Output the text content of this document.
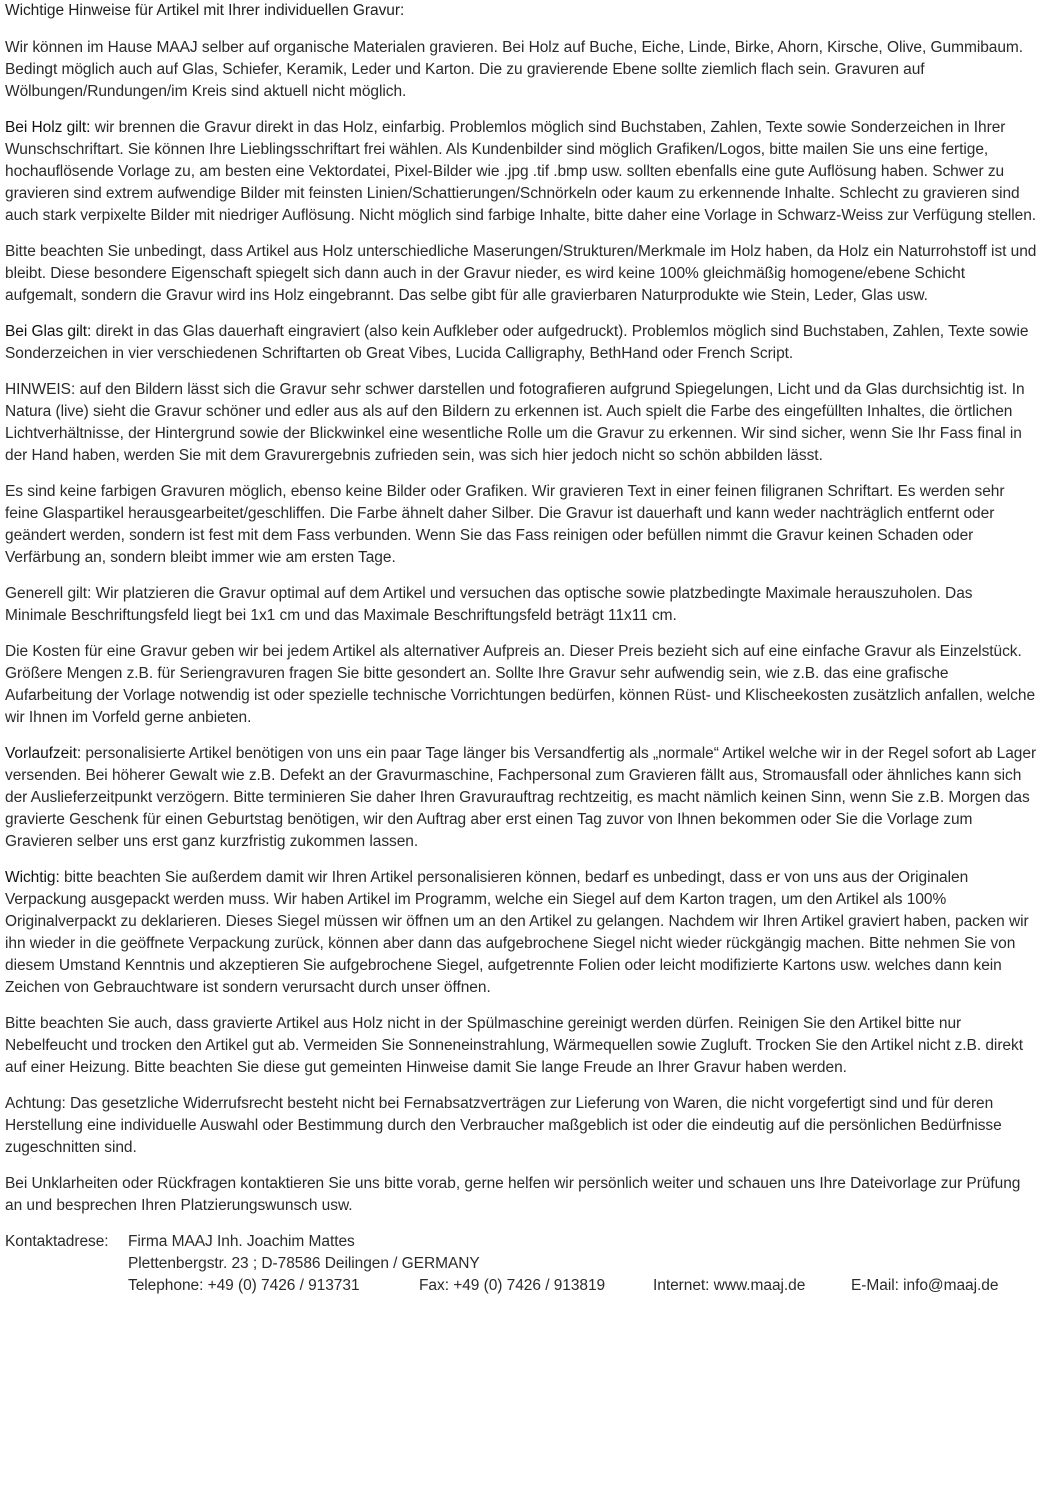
Wichtige Hinweise für Artikel mit Ihrer individuellen Gravur:

Wir können im Hause MAAJ selber auf organische Materialen gravieren. Bei Holz auf Buche, Eiche, Linde, Birke, Ahorn, Kirsche, Olive, Gummibaum. Bedingt möglich auch auf Glas, Schiefer, Keramik, Leder und Karton. Die zu gravierende Ebene sollte ziemlich flach sein. Gravuren auf Wölbungen/Rundungen/im Kreis sind aktuell nicht möglich.

Bei Holz gilt: wir brennen die Gravur direkt in das Holz, einfarbig. Problemlos möglich sind Buchstaben, Zahlen, Texte sowie Sonderzeichen in Ihrer Wunschschriftart. Sie können Ihre Lieblingsschriftart frei wählen. Als Kundenbilder sind möglich Grafiken/Logos, bitte mailen Sie uns eine fertige, hochauflösende Vorlage zu, am besten eine Vektordatei, Pixel-Bilder wie .jpg .tif .bmp usw. sollten ebenfalls eine gute Auflösung haben. Schwer zu gravieren sind extrem aufwendige Bilder mit feinsten Linien/Schattierungen/Schnörkeln oder kaum zu erkennende Inhalte. Schlecht zu gravieren sind auch stark verpixelte Bilder mit niedriger Auflösung. Nicht möglich sind farbige Inhalte, bitte daher eine Vorlage in Schwarz-Weiss zur Verfügung stellen.

Bitte beachten Sie unbedingt, dass Artikel aus Holz unterschiedliche Maserungen/Strukturen/Merkmale im Holz haben, da Holz ein Naturrohstoff ist und bleibt. Diese besondere Eigenschaft spiegelt sich dann auch in der Gravur nieder, es wird keine 100% gleichmäßig homogene/ebene Schicht aufgemalt, sondern die Gravur wird ins Holz eingebrannt. Das selbe gibt für alle gravierbaren Naturprodukte wie Stein, Leder, Glas usw.

Bei Glas gilt: direkt in das Glas dauerhaft eingraviert (also kein Aufkleber oder aufgedruckt). Problemlos möglich sind Buchstaben, Zahlen, Texte sowie Sonderzeichen in vier verschiedenen Schriftarten ob Great Vibes, Lucida Calligraphy, BethHand oder French Script.

HINWEIS: auf den Bildern lässt sich die Gravur sehr schwer darstellen und fotografieren aufgrund Spiegelungen, Licht und da Glas durchsichtig ist. In Natura (live) sieht die Gravur schöner und edler aus als auf den Bildern zu erkennen ist. Auch spielt die Farbe des eingefüllten Inhaltes, die örtlichen Lichtverhältnisse, der Hintergrund sowie der Blickwinkel eine wesentliche Rolle um die Gravur zu erkennen. Wir sind sicher, wenn Sie Ihr Fass final in der Hand haben, werden Sie mit dem Gravurergebnis zufrieden sein, was sich hier jedoch nicht so schön abbilden lässt.

Es sind keine farbigen Gravuren möglich, ebenso keine Bilder oder Grafiken. Wir gravieren Text in einer feinen filigranen Schriftart. Es werden sehr feine Glaspartikel herausgearbeitet/geschliffen. Die Farbe ähnelt daher Silber. Die Gravur ist dauerhaft und kann weder nachträglich entfernt oder geändert werden, sondern ist fest mit dem Fass verbunden. Wenn Sie das Fass reinigen oder befüllen nimmt die Gravur keinen Schaden oder Verfärbung an, sondern bleibt immer wie am ersten Tage.

Generell gilt: Wir platzieren die Gravur optimal auf dem Artikel und versuchen das optische sowie platzbedingte Maximale herauszuholen. Das Minimale Beschriftungsfeld liegt bei 1x1 cm und das Maximale Beschriftungsfeld beträgt 11x11 cm.

Die Kosten für eine Gravur geben wir bei jedem Artikel als alternativer Aufpreis an. Dieser Preis bezieht sich auf eine einfache Gravur als Einzelstück. Größere Mengen z.B. für Seriengravuren fragen Sie bitte gesondert an. Sollte Ihre Gravur sehr aufwendig sein, wie z.B. das eine grafische Aufarbeitung der Vorlage notwendig ist oder spezielle technische Vorrichtungen bedürfen, können Rüst- und Klischeekosten zusätzlich anfallen, welche wir Ihnen im Vorfeld gerne anbieten.

Vorlaufzeit: personalisierte Artikel benötigen von uns ein paar Tage länger bis Versandfertig als „normale“ Artikel welche wir in der Regel sofort ab Lager versenden. Bei höherer Gewalt wie z.B. Defekt an der Gravurmaschine, Fachpersonal zum Gravieren fällt aus, Stromausfall oder ähnliches kann sich der Auslieferzeitpunkt verzögern. Bitte terminieren Sie daher Ihren Gravurauftrag rechtzeitig, es macht nämlich keinen Sinn, wenn Sie z.B. Morgen das gravierte Geschenk für einen Geburtstag benötigen, wir den Auftrag aber erst einen Tag zuvor von Ihnen bekommen oder Sie die Vorlage zum Gravieren selber uns erst ganz kurzfristig zukommen lassen.

Wichtig: bitte beachten Sie außerdem damit wir Ihren Artikel personalisieren können, bedarf es unbedingt, dass er von uns aus der Originalen Verpackung ausgepackt werden muss. Wir haben Artikel im Programm, welche ein Siegel auf dem Karton tragen, um den Artikel als 100% Originalverpackt zu deklarieren. Dieses Siegel müssen wir öffnen um an den Artikel zu gelangen. Nachdem wir Ihren Artikel graviert haben, packen wir ihn wieder in die geöffnete Verpackung zurück, können aber dann das aufgebrochene Siegel nicht wieder rückgängig machen. Bitte nehmen Sie von diesem Umstand Kenntnis und akzeptieren Sie aufgebrochene Siegel, aufgetrennte Folien oder leicht modifizierte Kartons usw. welches dann kein Zeichen von Gebrauchtware ist sondern verursacht durch unser öffnen.

Bitte beachten Sie auch, dass gravierte Artikel aus Holz nicht in der Spülmaschine gereinigt werden dürfen. Reinigen Sie den Artikel bitte nur Nebelfeucht und trocken den Artikel gut ab. Vermeiden Sie Sonneneinstrahlung, Wärmequellen sowie Zugluft. Trocken Sie den Artikel nicht z.B. direkt auf einer Heizung. Bitte beachten Sie diese gut gemeinten Hinweise damit Sie lange Freude an Ihrer Gravur haben werden.

Achtung: Das gesetzliche Widerrufsrecht besteht nicht bei Fernabsatzverträgen zur Lieferung von Waren, die nicht vorgefertigt sind und für deren Herstellung eine individuelle Auswahl oder Bestimmung durch den Verbraucher maßgeblich ist oder die eindeutig auf die persönlichen Bedürfnisse zugeschnitten sind.

Bei Unklarheiten oder Rückfragen kontaktieren Sie uns bitte vorab, gerne helfen wir persönlich weiter und schauen uns Ihre Dateivorlage zur Prüfung an und besprechen Ihren Platzierungswunsch usw.

Kontaktadrese:	Firma MAAJ Inh. Joachim Mattes
Plettenbergstr. 23 ; D-78586 Deilingen / GERMANY
Telephone: +49 (0) 7426 / 913731	Fax: +49 (0) 7426 / 913819	Internet: www.maaj.de	E-Mail: info@maaj.de
